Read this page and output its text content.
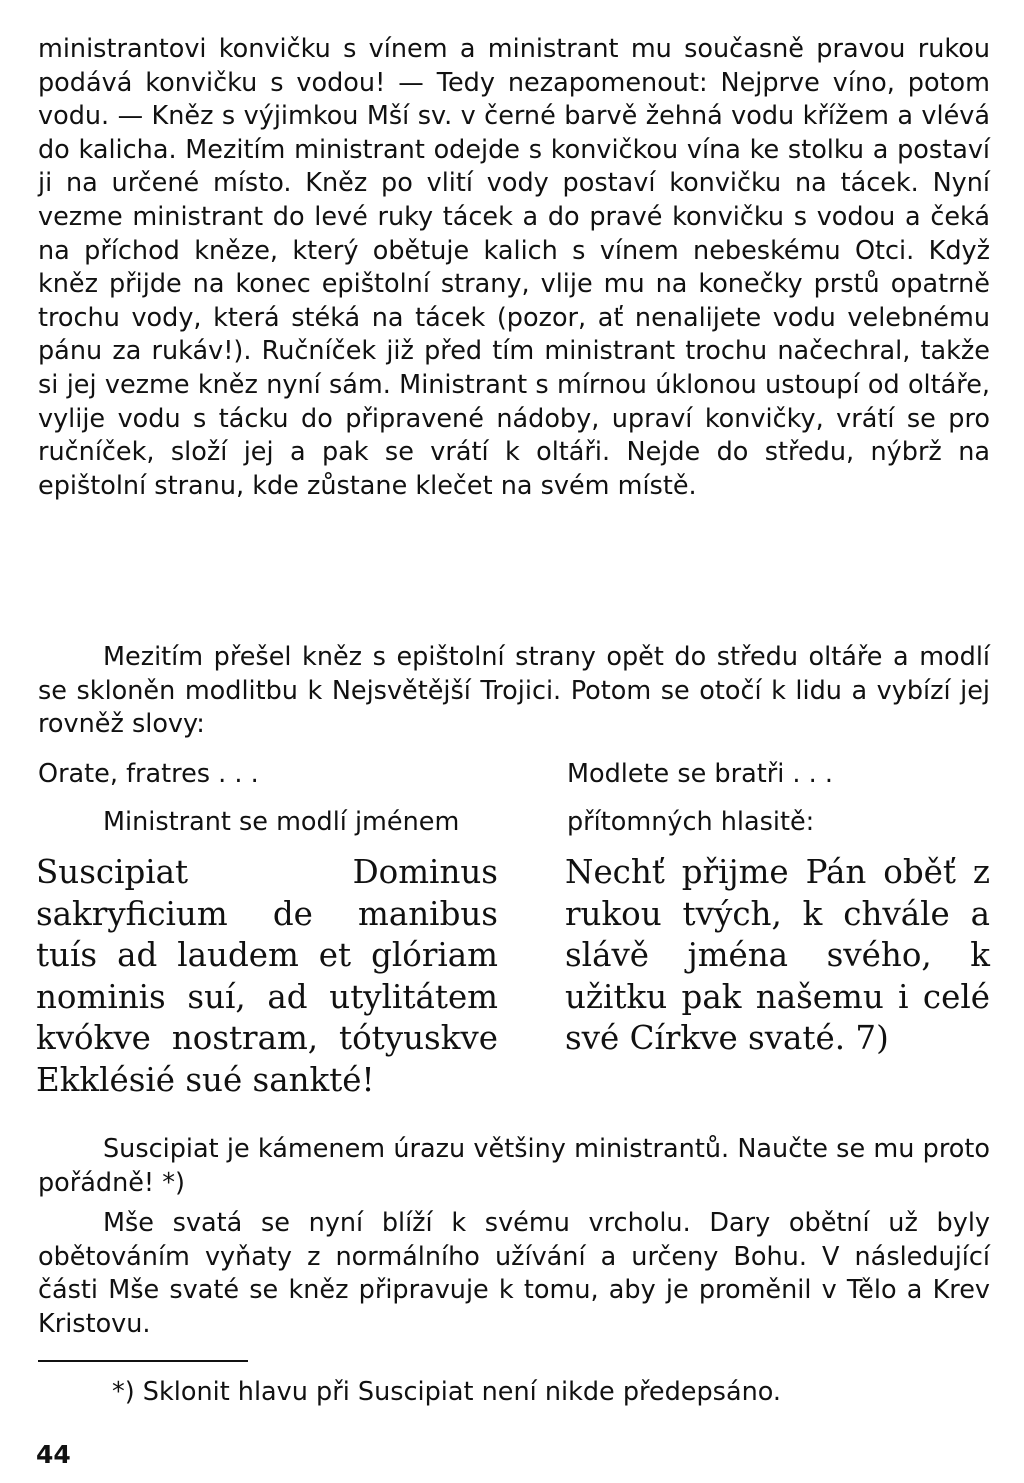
ministrantovi konvičku s vínem a ministrant mu současně pravou rukou podává konvičku s vodou! — Tedy nezapomenout: Nejprve víno, potom vodu. — Kněz s výjimkou Mší sv. v černé barvě žehná vodu křížem a vlévá do kalicha. Mezitím ministrant odejde s konvičkou vína ke stolku a postaví ji na určené místo. Kněz po vlití vody postaví konvičku na tácek. Nyní vezme ministrant do levé ruky tácek a do pravé konvičku s vodou a čeká na příchod kněze, který obětuje kalich s vínem nebeskému Otci. Když kněz přijde na konec epištolní strany, vlije mu na konečky prstů opatrně trochu vody, která stéká na tácek (pozor, ať nenalijete vodu velebnému pánu za rukáv!). Ručníček již před tím ministrant trochu načechral, takže si jej vezme kněz nyní sám. Ministrant s mírnou úklonou ustoupí od oltáře, vylije vodu s tácku do připravené nádoby, upraví konvičky, vrátí se pro ručníček, složí jej a pak se vrátí k oltáři. Nejde do středu, nýbrž na epištolní stranu, kde zůstane klečet na svém místě.

Mezitím přešel kněz s epištolní strany opět do středu oltáře a modlí se skloněn modlitbu k Nejsvětější Trojici. Potom se otočí k lidu a vybízí jej rovněž slovy:

Orate, fratres . . .	Modlete se bratři . . .
Ministrant se modlí jménem	přítomných hlasitě:

Suscipiat Dominus sakryficium de manibus tuís ad laudem et glóriam nominis suí, ad utylitátem kvókve nostram, tótyuskve Ekklésié sué sankté!

Nechť přijme Pán oběť z rukou tvých, k chvále a slávě jména svého, k užitku pak našemu i celé své Církve svaté. 7)

Suscipiat je kámenem úrazu většiny ministrantů. Naučte se mu proto pořádně! *)

Mše svatá se nyní blíží k svému vrcholu. Dary obětní už byly obětováním vyňaty z normálního užívání a určeny Bohu. V následující části Mše svaté se kněz připravuje k tomu, aby je proměnil v Tělo a Krev Kristovu.

*) Sklonit hlavu při Suscipiat není nikde předepsáno.
44
